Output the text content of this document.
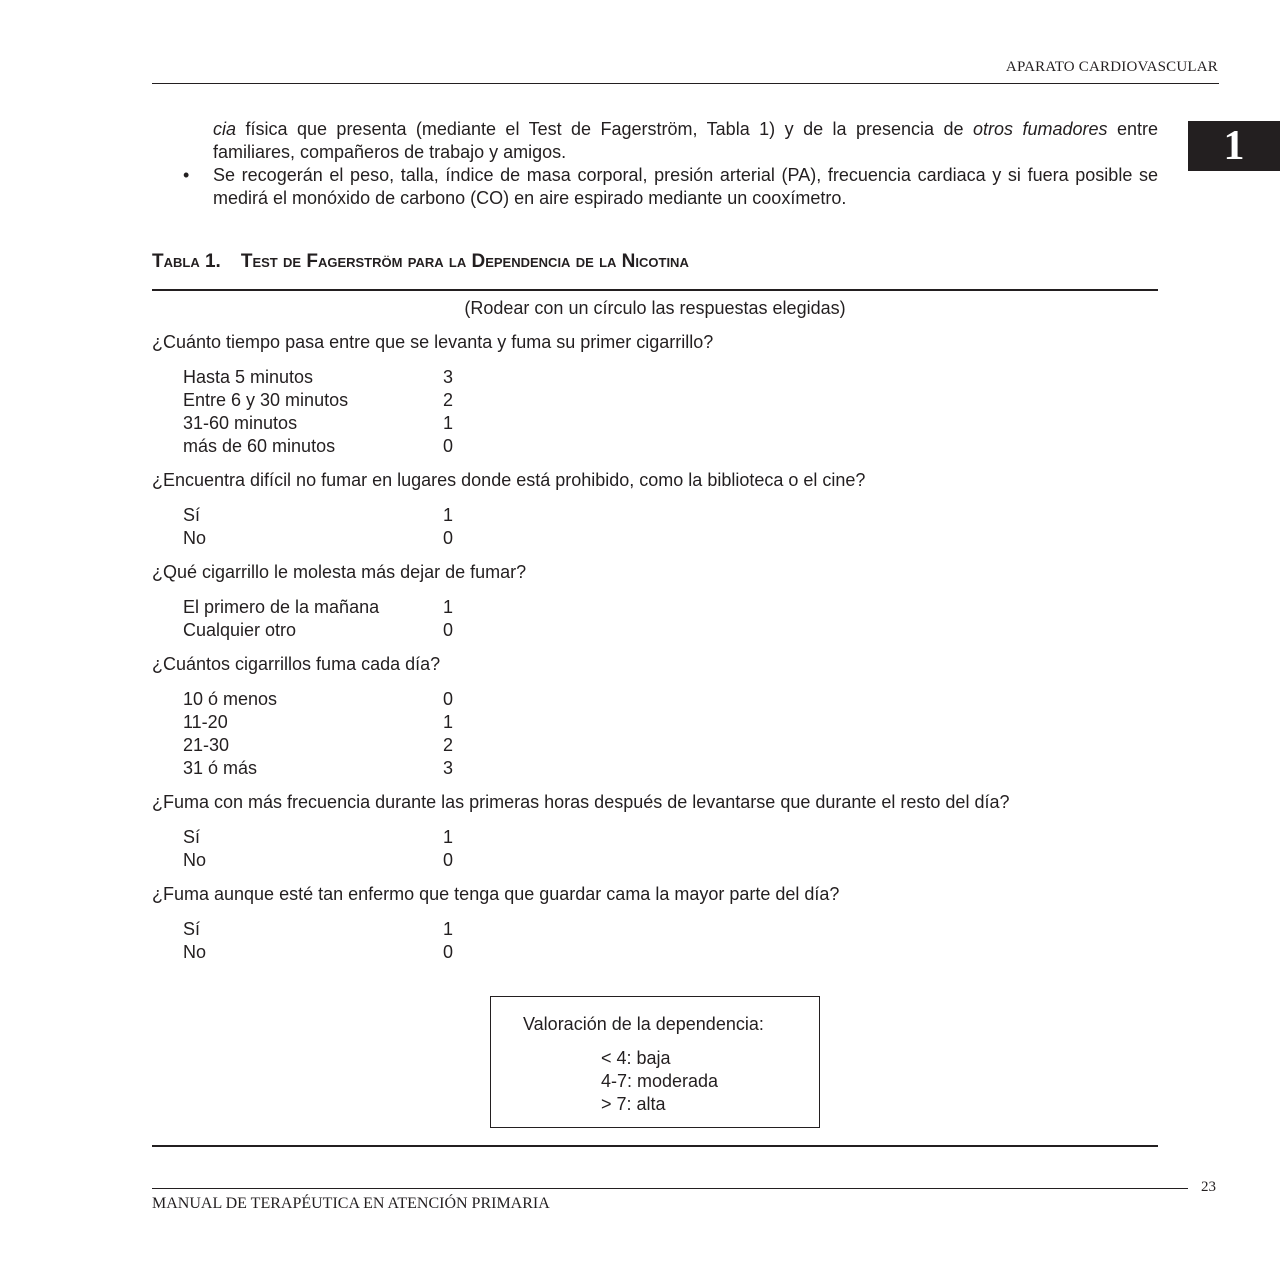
APARATO CARDIOVASCULAR
1

cia física que presenta (mediante el Test de Fagerström, Tabla 1) y de la presencia de otros fumadores entre familiares, compañeros de trabajo y amigos.

• Se recogerán el peso, talla, índice de masa corporal, presión arterial (PA), frecuencia cardiaca y si fuera posible se medirá el monóxido de carbono (CO) en aire espirado mediante un cooxímetro.

Tabla 1. Test de Fagerström para la Dependencia de la Nicotina
(Rodear con un círculo las respuestas elegidas)
¿Cuánto tiempo pasa entre que se levanta y fuma su primer cigarrillo?
Hasta 5 minutos	3
Entre 6 y 30 minutos	2
31-60 minutos	1
más de 60 minutos	0
¿Encuentra difícil no fumar en lugares donde está prohibido, como la biblioteca o el cine?
Sí	1
No	0
¿Qué cigarrillo le molesta más dejar de fumar?
El primero de la mañana	1
Cualquier otro	0
¿Cuántos cigarrillos fuma cada día?
10 ó menos	0
11-20	1
21-30	2
31 ó más	3
¿Fuma con más frecuencia durante las primeras horas después de levantarse que durante el resto del día?
Sí	1
No	0
¿Fuma aunque esté tan enfermo que tenga que guardar cama la mayor parte del día?
Sí	1
No	0
Valoración de la dependencia:
< 4: baja
4-7: moderada
> 7: alta
23
MANUAL DE TERAPÉUTICA EN ATENCIÓN PRIMARIA
